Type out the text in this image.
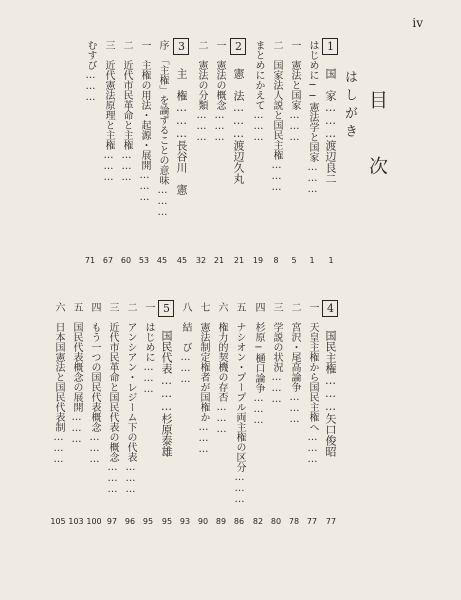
iv
目　次
はしがき
1 国　家………渡辺良二
1
はじめに──憲法学と国家………
1
一　憲法と国家………
5
二　国家法人説と国民主権………
8
まとめにかえて………
19
2 憲　法………渡辺久丸
21
一　憲法の概念………
21
二　憲法の分類………
32
3 主　権………長谷川　憲
45
序　「主権」を論ずることの意味………
45
一　主権の用法・起源・展開………
53
二　近代市民革命と主権………
60
三　近代憲法原理と主権………
67
むすび………
71
4 国民主権………矢口俊昭
77
一　天皇主権から国民主権へ………
77
二　宮沢・尾高論争………
78
三　学説の状況………
80
四　杉原−樋口論争………
82
五　ナシオン・プープル両主権の区分………
86
六　権力的契機の存否………
89
七　憲法制定権者が国権か………
90
八　結　び………
93
5 国民代表………杉原泰雄
95
一　はじめに………
95
二　アンシアン・レジーム下の代表………
96
三　近代市民革命と国民代表の概念………
97
四　もう一つの国民代表概念………
100
五　国民代表概念の展開………
103
六　日本国憲法と国民代表制………
105
